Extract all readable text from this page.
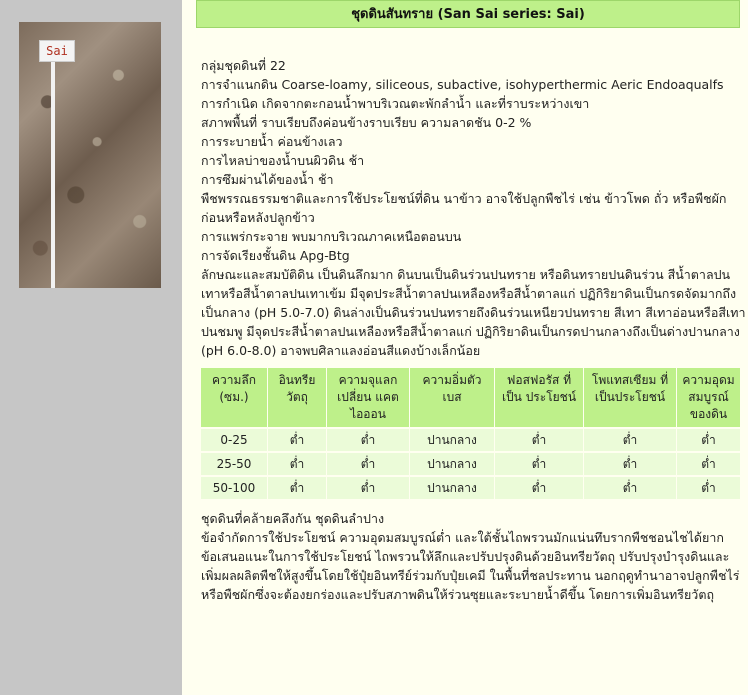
Sai
ชุดดินสันทราย (San Sai series: Sai)
กลุ่มชุดดินที่ 22
การจำแนกดิน Coarse-loamy, siliceous, subactive, isohyperthermic Aeric Endoaqualfs
การกำเนิด เกิดจากตะกอนน้ำพาบริเวณตะพักลำน้ำ และที่ราบระหว่างเขา
สภาพพื้นที่ ราบเรียบถึงค่อนข้างราบเรียบ ความลาดชัน 0-2 %
การระบายน้ำ ค่อนข้างเลว
การไหลบ่าของน้ำบนผิวดิน ช้า
การซึมผ่านได้ของน้ำ ช้า
พืชพรรณธรรมชาติและการใช้ประโยชน์ที่ดิน นาข้าว อาจใช้ปลูกพืชไร่ เช่น ข้าวโพด ถั่ว หรือพืชผักก่อนหรือหลังปลูกข้าว
การแพร่กระจาย พบมากบริเวณภาคเหนือตอนบน
การจัดเรียงชั้นดิน Apg-Btg
ลักษณะและสมบัติดิน เป็นดินลึกมาก ดินบนเป็นดินร่วนปนทราย หรือดินทรายปนดินร่วน สีน้ำตาลปนเทาหรือสีน้ำตาลปนเทาเข้ม มีจุดประสีน้ำตาลปนเหลืองหรือสีน้ำตาลแก่ ปฏิกิริยาดินเป็นกรดจัดมากถึงเป็นกลาง (pH 5.0-7.0) ดินล่างเป็นดินร่วนปนทรายถึงดินร่วนเหนียวปนทราย สีเทา สีเทาอ่อนหรือสีเทาปนชมพู มีจุดประสีน้ำตาลปนเหลืองหรือสีน้ำตาลแก่ ปฏิกิริยาดินเป็นกรดปานกลางถึงเป็นด่างปานกลาง (pH 6.0-8.0) อาจพบศิลาแลงอ่อนสีแดงบ้างเล็กน้อย
ความลึก (ซม.)	อินทรีย วัตถุ	ความจุแลกเปลี่ยน แคตไอออน	ความอิ่มตัว เบส	ฟอสฟอรัส ที่เป็น ประโยชน์	โพแทสเซียม ที่เป็นประโยชน์	ความอุดม สมบูรณ์ ของดิน
0-25	ต่ำ	ต่ำ	ปานกลาง	ต่ำ	ต่ำ	ต่ำ
25-50	ต่ำ	ต่ำ	ปานกลาง	ต่ำ	ต่ำ	ต่ำ
50-100	ต่ำ	ต่ำ	ปานกลาง	ต่ำ	ต่ำ	ต่ำ
ชุดดินที่คล้ายคลึงกัน ชุดดินลำปาง
ข้อจำกัดการใช้ประโยชน์ ความอุดมสมบูรณ์ต่ำ และใต้ชั้นไถพรวนมักแน่นทึบรากพืชชอนไชได้ยาก
ข้อเสนอแนะในการใช้ประโยชน์ ไถพรวนให้ลึกและปรับปรุงดินด้วยอินทรียวัตถุ ปรับปรุงบำรุงดินและเพิ่มผลผลิตพืชให้สูงขึ้นโดยใช้ปุ๋ยอินทรีย์ร่วมกับปุ๋ยเคมี ในพื้นที่ชลประทาน นอกฤดูทำนาอาจปลูกพืชไร่หรือพืชผักซึ่งจะต้องยกร่องและปรับสภาพดินให้ร่วนซุยและระบายน้ำดีขึ้น โดยการเพิ่มอินทรียวัตถุ
